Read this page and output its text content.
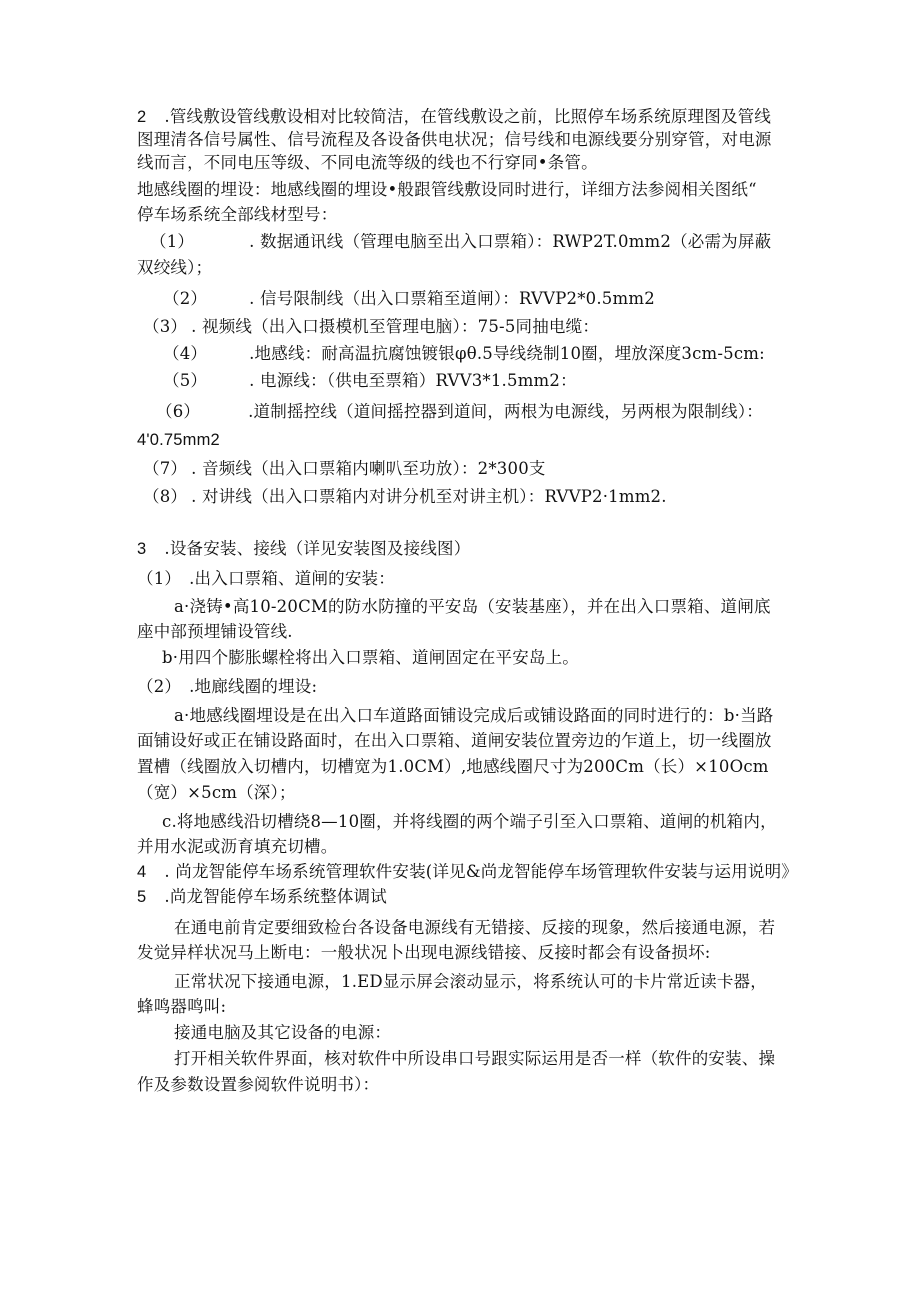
2 .管线敷设管线敷设相对比较简洁，在管线敷设之前，比照停车场系统原理图及管线
图理清各信号属性、信号流程及各设备供电状况；信号线和电源线要分别穿管，对电源
线而言，不同电压等级、不同电流等级的线也不行穿同•条管。
地感线圈的埋设：地感线圈的埋设•般跟管线敷设同时进行，详细方法参阅相关图纸“
停车场系统全部线材型号：
（1）	. 数据通讯线（管理电脑至出入口票箱）：RWP2T.0mm2（必需为屏蔽
双绞线）；
（2）	. 信号限制线（出入口票箱至道闸）：RVVP2*0.5mm2
（3） . 视频线（出入口摄模机至管理电脑）：75-5同抽电缆：
（4）	.地感线：耐高温抗腐蚀镀银φθ.5导线绕制10圈，埋放深度3cm-5cm:
（5）	. 电源线：（供电至票箱）RVV3*1.5mm2：
（6）	.道制摇控线（道间摇控器到道间，两根为电源线，另两根为限制线）：
4'0.75mm2
（7） . 音频线（出入口票箱内喇叭至功放）：2*300支
（8） . 对讲线（出入口票箱内对讲分机至对讲主机）：RVVP2·1mm2.
3 .设备安装、接线（详见安装图及接线图）
（1） .出入口票箱、道闸的安装：
a·浇铸•高10-20CM的防水防撞的平安岛（安装基座），并在出入口票箱、道闸底
座中部预埋铺设管线.
b·用四个膨胀螺栓将出入口票箱、道闸固定在平安岛上。
（2） .地廊线圈的埋设:
a·地感线圈埋设是在出入口车道路面铺设完成后或铺设路面的同时进行的：b·当路
面铺设好或正在铺设路面时，在出入口票箱、道闸安装位置旁边的乍道上，切一线圈放
置槽（线圈放入切槽内，切槽宽为1.0CM）,地感线圈尺寸为200Cm（长）×10Ocm
（宽）×5cm（深）；
c.将地感线沿切槽绕8—10圈，并将线圈的两个端子引至入口票箱、道闸的机箱内，
并用水泥或沥育填充切槽。
4 . 尚龙智能停车场系统管理软件安装(详见&尚龙智能停车场管理软件安装与运用说明》
5 .尚龙智能停车场系统整体调试
在通电前肯定要细致检台各设备电源线有无错接、反接的现象，然后接通电源，若
发觉异样状况马上断电：一般状况卜出现电源线错接、反接时都会有设备损坏:
正常状况下接通电源，1.ED显示屏会滚动显示，将系统认可的卡片常近读卡器，
蜂鸣器鸣叫:
接通电脑及其它设备的电源：
打开相关软件界面，核对软件中所设串口号跟实际运用是否一样（软件的安装、操
作及参数设置参阅软件说明书）：
